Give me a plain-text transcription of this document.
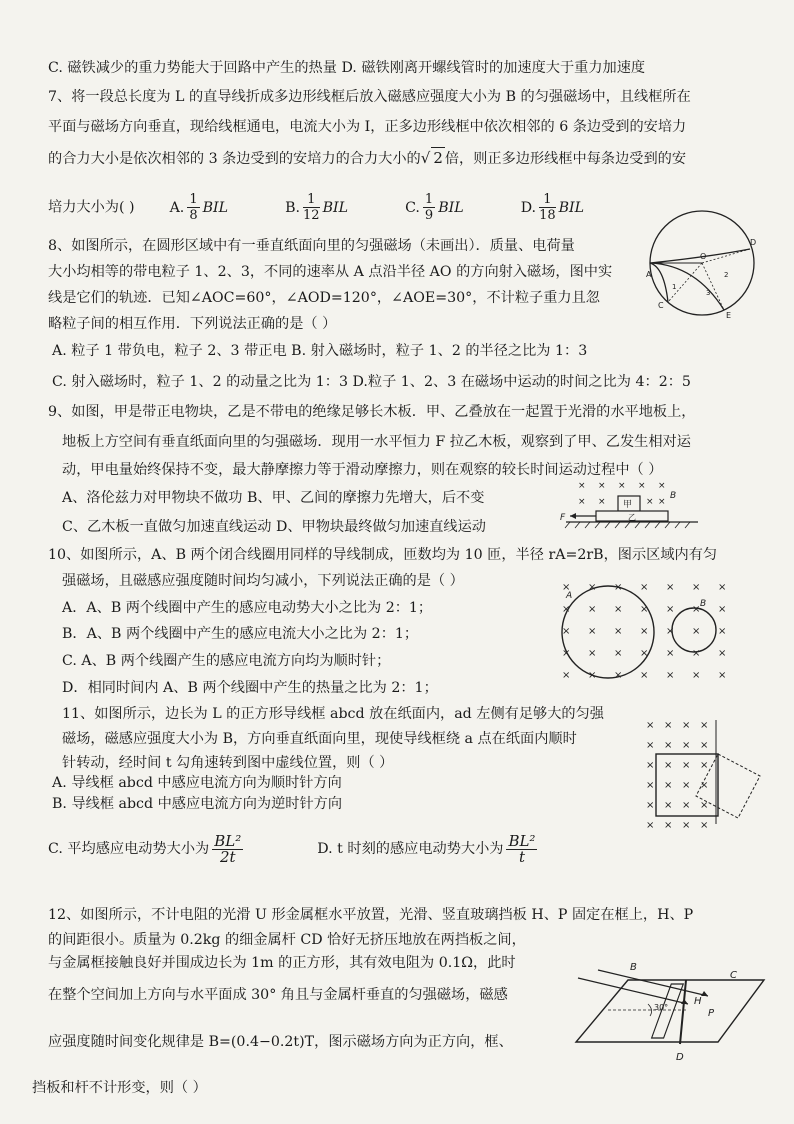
C. 磁铁减少的重力势能大于回路中产生的热量 D. 磁铁刚离开螺线管时的加速度大于重力加速度
7、将一段总长度为 L 的直导线折成多边形线框后放入磁感应强度大小为 B 的匀强磁场中，且线框所在
平面与磁场方向垂直，现给线框通电，电流大小为 I，正多边形线框中依次相邻的 6 条边受到的安培力
的合力大小是依次相邻的 3 条边受到的安培力的合力大小的√ 2 倍，则正多边形线框中每条边受到的安
培力大小为( ) A. $\frac{1}{8}$ BIL	B. $\frac{1}{12}$ BIL	C. $\frac{1}{9}$ BIL	D. $\frac{1}{18}$ BIL
8、如图所示，在圆形区域中有一垂直纸面向里的匀强磁场（未画出）．质量、电荷量
大小均相等的带电粒子 1、2、3，不同的速率从 A 点沿半径 AO 的方向射入磁场，图中实
线是它们的轨迹．已知∠AOC=60°，∠AOD=120°，∠AOE=30°，不计粒子重力且忽
略粒子间的相互作用．下列说法正确的是（ ）
A. 粒子 1 带负电，粒子 2、3 带正电 B. 射入磁场时，粒子 1、2 的半径之比为 1：3
C. 射入磁场时，粒子 1、2 的动量之比为 1：3 D.粒子 1、2、3 在磁场中运动的时间之比为 4：2：5
9、如图，甲是带正电物块，乙是不带电的绝缘足够长木板．甲、乙叠放在一起置于光滑的水平地板上，
地板上方空间有垂直纸面向里的匀强磁场．现用一水平恒力 F 拉乙木板，观察到了甲、乙发生相对运
动，甲电量始终保持不变，最大静摩擦力等于滑动摩擦力，则在观察的较长时间运动过程中（ ）
A、洛伦兹力对甲物块不做功 B、甲、乙间的摩擦力先增大，后不变
C、乙木板一直做匀加速直线运动 D、甲物块最终做匀加速直线运动
10、如图所示，A、B 两个闭合线圈用同样的导线制成，匝数均为 10 匝，半径 rA=2rB，图示区域内有匀
强磁场，且磁感应强度随时间均匀减小，下列说法正确的是（ ）
A．A、B 两个线圈中产生的感应电动势大小之比为 2：1；
B．A、B 两个线圈中产生的感应电流大小之比为 2：1；
C. A、B 两个线圈产生的感应电流方向均为顺时针；
D．相同时间内 A、B 两个线圈中产生的热量之比为 2：1；
11、如图所示，边长为 L 的正方形导线框 abcd 放在纸面内，ad 左侧有足够大的匀强
磁场，磁感应强度大小为 B，方向垂直纸面向里，现使导线框绕 a 点在纸面内顺时
针转动，经时间 t 勾角速转到图中虚线位置，则（ ）
A. 导线框 abcd 中感应电流方向为顺时针方向
B. 导线框 abcd 中感应电流方向为逆时针方向
C. 平均感应电动势大小为 $\frac{\text{BL²}}{2t}$	D. t 时刻的感应电动势大小为 $\frac{\text{BL²}}{t}$
12、如图所示，不计电阻的光滑 U 形金属框水平放置，光滑、竖直玻璃挡板 H、P 固定在框上，H、P
的间距很小。质量为 0.2kg 的细金属杆 CD 恰好无挤压地放在两挡板之间，
与金属框接触良好并围成边长为 1m 的正方形，其有效电阻为 0.1Ω，此时
在整个空间加上方向与水平面成 30° 角且与金属杆垂直的匀强磁场，磁感
应强度随时间变化规律是 B=(0.4−0.2t)T，图示磁场方向为正方向，框、
挡板和杆不计形变，则（ ）
A
O
C
D
E
1
2
3
× × × × ×
× ×	× ×
B
甲
乙
F
× × × × × × ×
× × × × × × ×
× × × × × × ×
× × × × × × ×
× × × × × × ×
A
B
× × × ×
× × × ×
× × × ×
× × × ×
× × × ×
× × × ×
B
30°
H
P
C
D
